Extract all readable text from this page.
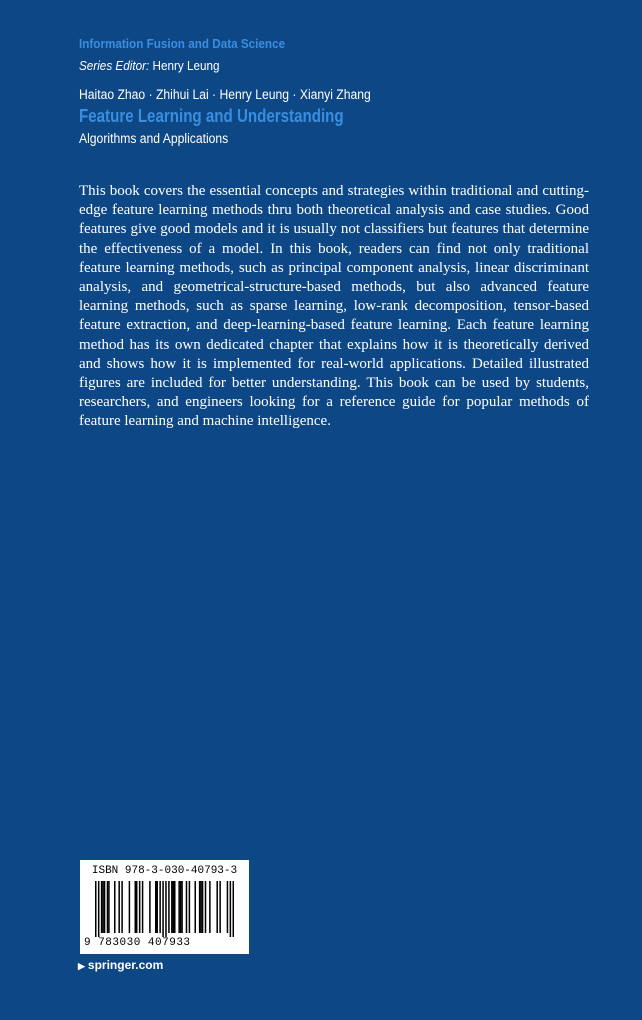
Information Fusion and Data Science
Series Editor: Henry Leung
Haitao Zhao · Zhihui Lai · Henry Leung · Xianyi Zhang
Feature Learning and Understanding
Algorithms and Applications

This book covers the essential concepts and strategies within traditional and cutting-edge feature learning methods thru both theoretical analysis and case studies. Good features give good models and it is usually not classifiers but features that determine the effectiveness of a model. In this book, readers can find not only traditional feature learning methods, such as principal component analysis, linear discriminant analysis, and geometrical-structure-based methods, but also advanced feature learning methods, such as sparse learning, low-rank decomposition, tensor-based feature extraction, and deep-learning-based feature learning. Each feature learning method has its own dedicated chapter that explains how it is theoretically derived and shows how it is implemented for real-world applications. Detailed illustrated figures are included for better understanding. This book can be used by students, researchers, and engineers looking for a reference guide for popular methods of feature learning and machine intelligence.

ISBN 978-3-030-40793-3
9 783030 407933
▶ springer.com
